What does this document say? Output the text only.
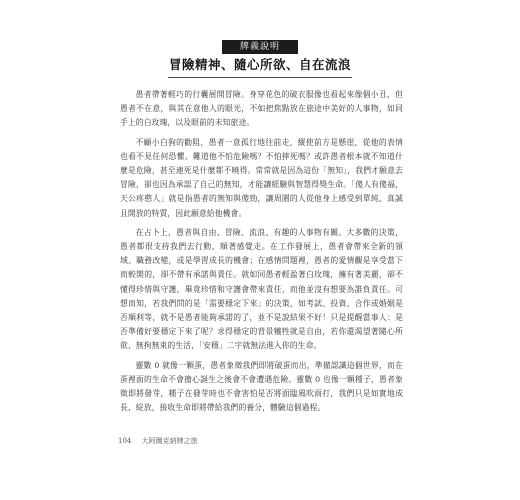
牌義說明
冒險精神、隨心所欲、自在流浪

愚者帶著輕巧的行囊展開冒險。身穿花色的破衣服像也看起來像個小丑，但愚者不在意，與其在意他人的眼光，不如把焦點放在旅途中美好的人事物，如同手上的白玫瑰，以及眼前的未知旅途。

不顧小白狗的勸阻，愚者一意孤行地往前走，縱使前方是懸崖，從他的表情也看不見任何恐懼。難道他不怕危險嗎？不怕摔死嗎？或許愚者根本就不知道什麼是危險，甚至連死是什麼都不曉得。常常就是因為這份「無知」，我們才願意去冒險，卻也因為承認了自己的無知，才能讓經驗與智慧得獎生命。「傻人有傻福，天公疼憨人」就是指愚者的無知與傻勁，讓周圍的人從他身上感受到單純、真誠且開放的特質，因此願意給他機會。

在占卜上，愚者與自由、冒險、流浪、有趣的人事物有關。大多數的決策，愚者都很支持我們去行動、順著感覺走。在工作發展上，愚者會帶來全新的領域、職務改變，或是學習成長的機會；在感情問題裡，愚者的愛情觀是享受當下而較開的，卻不帶有承諾與責任。就如同愚者輕盈著白玫瑰，擁有著美麗，卻不懂得珍惜與守護，畢竟珍惜和守護會帶來責任，而他並沒有想要為誰負責任。可想而知，若我們問的是「需要穩定下來」的決策，如考試、投資、合作或婚姻是否順利等，就不是愚者能夠承諾的了，並不是說結果不好！只是提醒當事人：是否準備好要穩定下來了呢？求得穩定的背景犧牲就是自由，若你還渴望著隨心所欲、無拘無束的生活，「安穩」二字就無法進入你的生命。

靈數 0 就像一顆蛋，愚者象徵我們即將破蛋而出，準備認識這個世界，而在蛋裡面的生命不會擔心誕生之後會不會遭遇危險。靈數 0 也像一顆種子，愚者象徵即將發芽，種子在發芽時也不會害怕是否將面臨風吹雨打，我們只是如實地成長、綻放，接收生命即將帶給我們的養分，體驗這個過程。

104 大阿爾克納牌之旅
